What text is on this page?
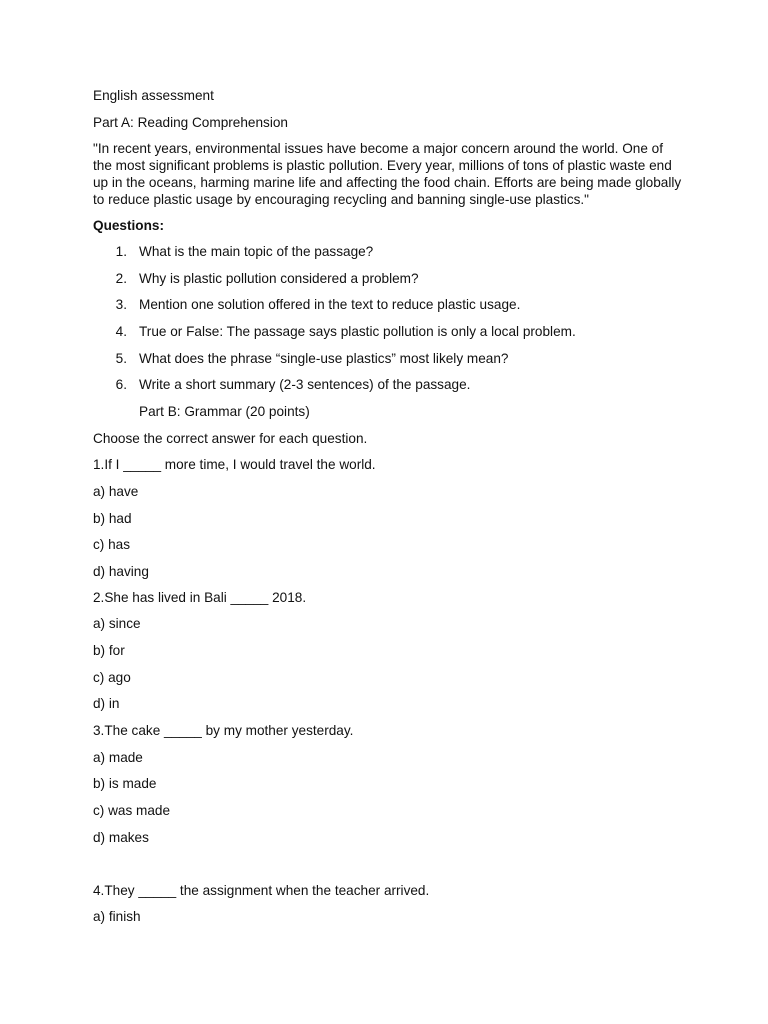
English assessment
Part A: Reading Comprehension
"In recent years, environmental issues have become a major concern around the world. One of the most significant problems is plastic pollution. Every year, millions of tons of plastic waste end up in the oceans, harming marine life and affecting the food chain. Efforts are being made globally to reduce plastic usage by encouraging recycling and banning single-use plastics."
Questions:
1. What is the main topic of the passage?
2. Why is plastic pollution considered a problem?
3. Mention one solution offered in the text to reduce plastic usage.
4. True or False: The passage says plastic pollution is only a local problem.
5. What does the phrase “single-use plastics” most likely mean?
6. Write a short summary (2-3 sentences) of the passage.
Part B: Grammar (20 points)
Choose the correct answer for each question.
1.If I _____ more time, I would travel the world.
a) have
b) had
c) has
d) having
2.She has lived in Bali _____ 2018.
a) since
b) for
c) ago
d) in
3.The cake _____ by my mother yesterday.
a) made
b) is made
c) was made
d) makes
4.They _____ the assignment when the teacher arrived.
a) finish
